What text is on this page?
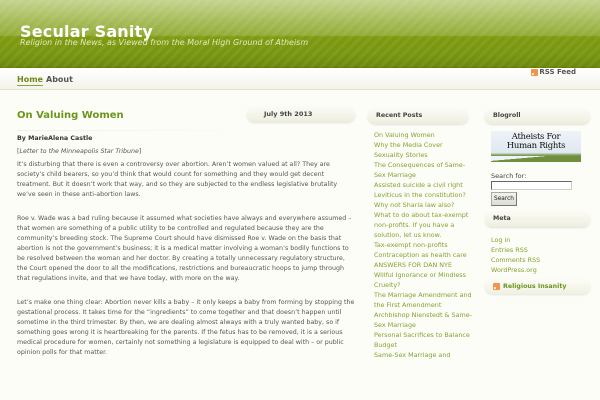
Secular Sanity
Religion in the News, as Viewed from the Moral High Ground of Atheism
Home About
RSS Feed
On Valuing Women	July 9th 2013

By MarieAlena Castle

[Letter to the Minneapolis Star Tribune]

It’s disturbing that there is even a controversy over abortion. Aren’t women valued at all? They are society’s child bearers, so you’d think that would count for something and they would get decent treatment. But it doesn’t work that way, and so they are subjected to the endless legislative brutality we’ve seen in these anti-abortion laws.

Roe v. Wade was a bad ruling because it assumed what societies have always and everywhere assumed – that women are something of a public utility to be controlled and regulated because they are the community’s breeding stock. The Supreme Court should have dismissed Roe v. Wade on the basis that abortion is not the government’s business; it is a medical matter involving a woman’s bodily functions to be resolved between the woman and her doctor. By creating a totally unnecessary regulatory structure, the Court opened the door to all the modifications, restrictions and bureaucratic hoops to jump through that regulations invite, and that we have today, with more on the way.

Let’s make one thing clear: Abortion never kills a baby – it only keeps a baby from forming by stopping the gestational process. It takes time for the “ingredients” to come together and that doesn’t happen until sometime in the third trimester. By then, we are dealing almost always with a truly wanted baby, so if something goes wrong it is heartbreaking for the parents. If the fetus has to be removed, it is a serious medical procedure for women, certainly not something a legislature is equipped to deal with – or public opinion polls for that matter.

Recent Posts
On Valuing Women
Why the Media Cover Sexuality Stories
The Consequences of Same-Sex Marriage
Assisted suicide a civil right
Leviticus in the constitution? Why not Sharia law also?
What to do about tax-exempt non-profits. If you have a solution, let us know.
Tax-exempt non-profits
Contraception as health care
ANSWERS FOR DAN NYE
Willful Ignorance or Mindless Cruelty?
The Marriage Amendment and the First Amendment
Archbishop Nienstedt & Same-Sex Marriage
Personal Sacrifices to Balance Budget
Same-Sex Marriage and
Blogroll
Atheists For
Human Rights
Search for:
Search
Meta
Log in
Entries RSS
Comments RSS
WordPress.org
Religious Insanity
